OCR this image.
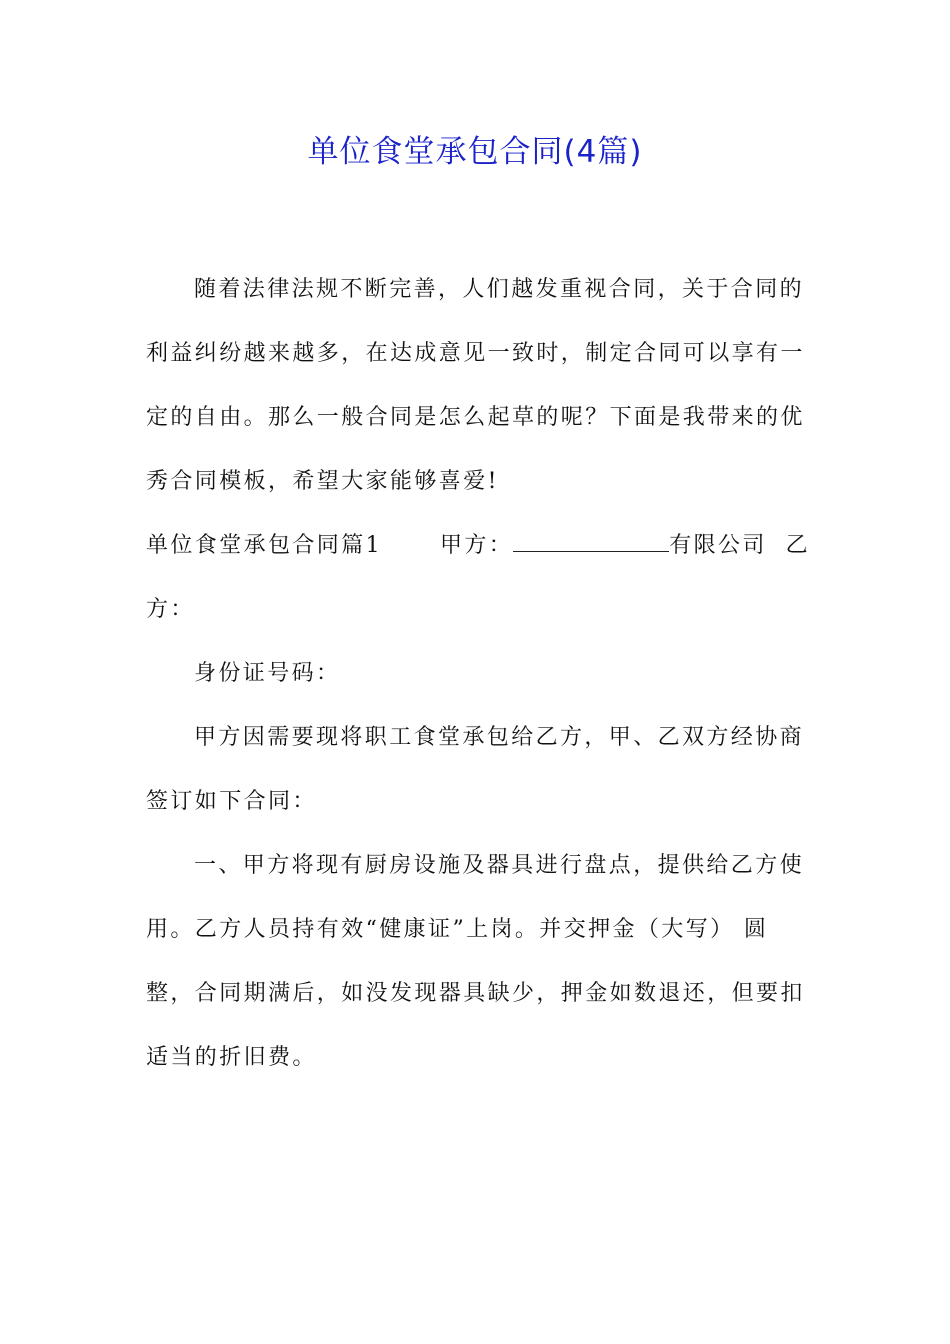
单位食堂承包合同(4篇)

随着法律法规不断完善，人们越发重视合同，关于合同的利益纠纷越来越多，在达成意见一致时，制定合同可以享有一定的自由。那么一般合同是怎么起草的呢？下面是我带来的优秀合同模板，希望大家能够喜爱!

单位食堂承包合同篇1	甲方：	有限公司 乙方：

身份证号码：

甲方因需要现将职工食堂承包给乙方，甲、乙双方经协商签订如下合同：

一、甲方将现有厨房设施及器具进行盘点，提供给乙方使用。乙方人员持有效“健康证”上岗。并交押金（大写） 圆整，合同期满后，如没发现器具缺少，押金如数退还，但要扣适当的折旧费。
